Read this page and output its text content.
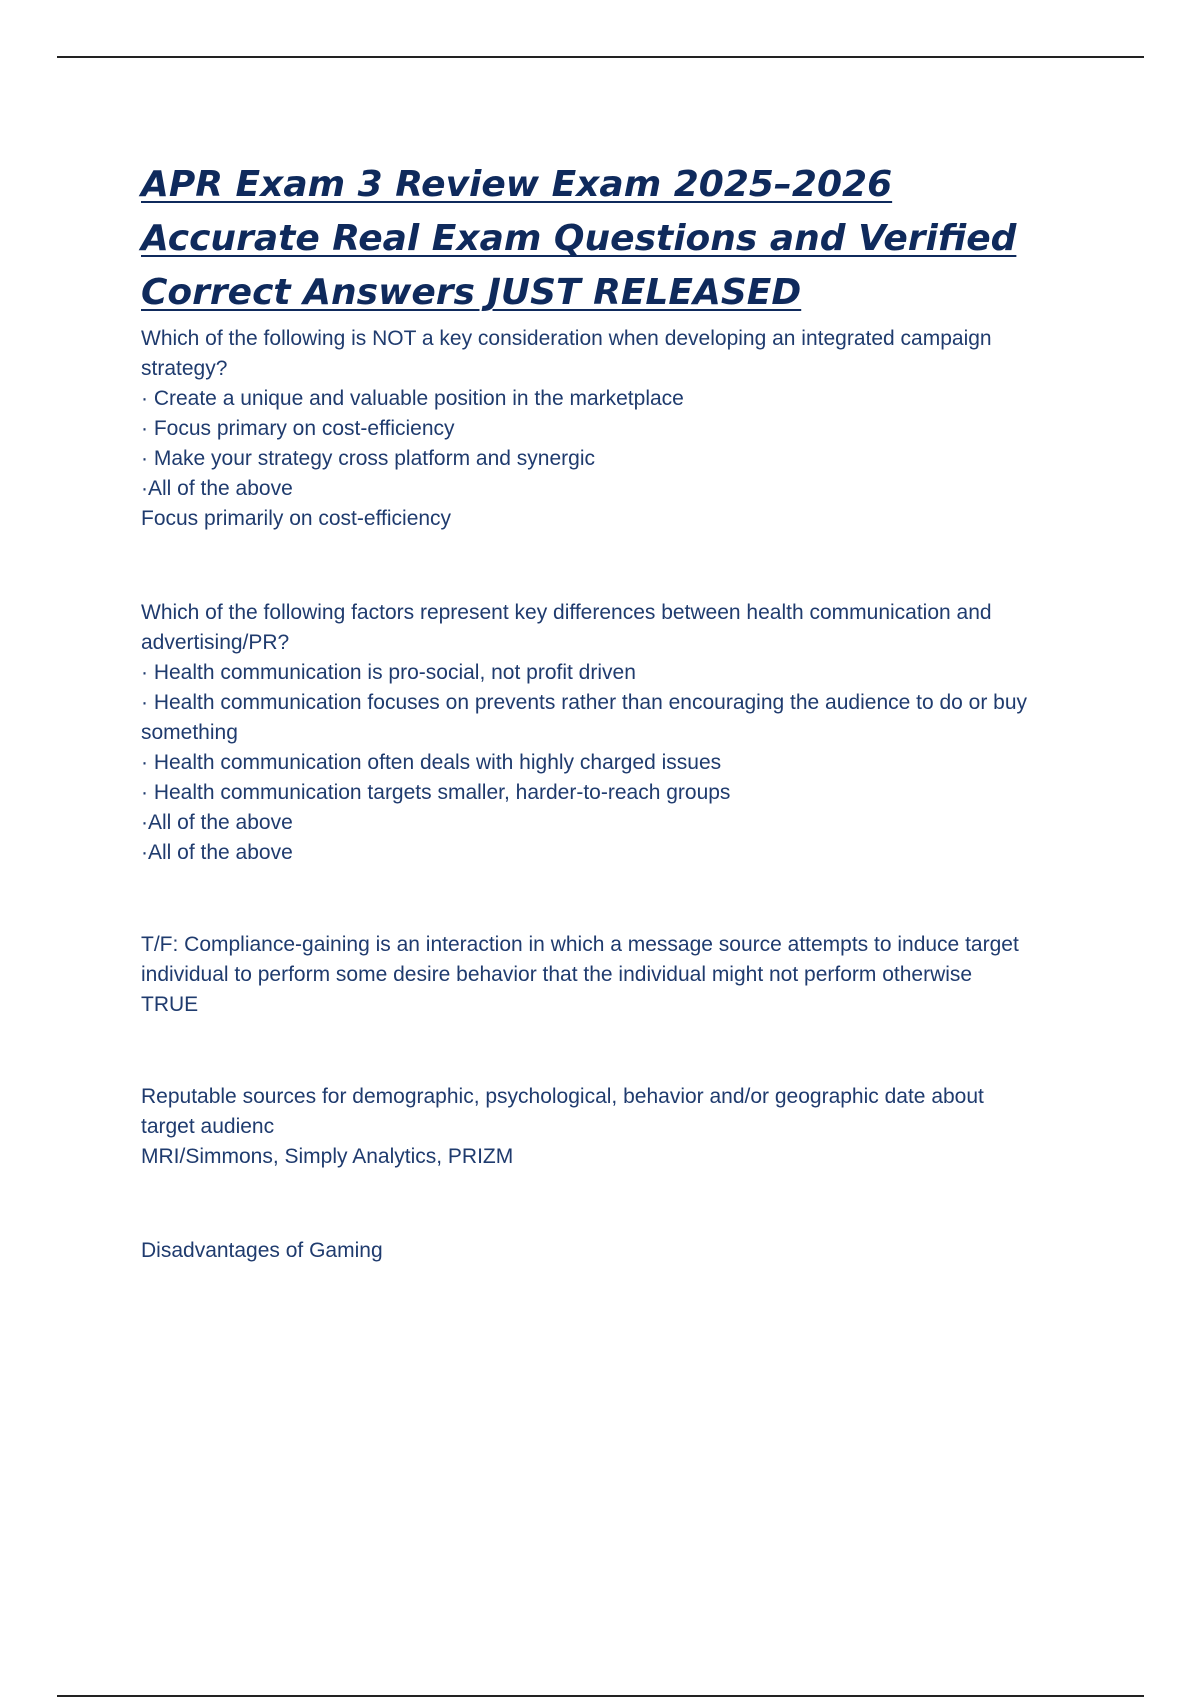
APR Exam 3 Review Exam 2025–2026 Accurate Real Exam Questions and Verified Correct Answers JUST RELEASED

Which of the following is NOT a key consideration when developing an integrated campaign strategy?

· Create a unique and valuable position in the marketplace

· Focus primary on cost-efficiency

· Make your strategy cross platform and synergic

·All of the above

Focus primarily on cost-efficiency

Which of the following factors represent key differences between health communication and advertising/PR?

· Health communication is pro-social, not profit driven

· Health communication focuses on prevents rather than encouraging the audience to do or buy something

· Health communication often deals with highly charged issues

· Health communication targets smaller, harder-to-reach groups

·All of the above

·All of the above

T/F: Compliance-gaining is an interaction in which a message source attempts to induce target individual to perform some desire behavior that the individual might not perform otherwise

TRUE

Reputable sources for demographic, psychological, behavior and/or geographic date about target audienc

MRI/Simmons, Simply Analytics, PRIZM

Disadvantages of Gaming
